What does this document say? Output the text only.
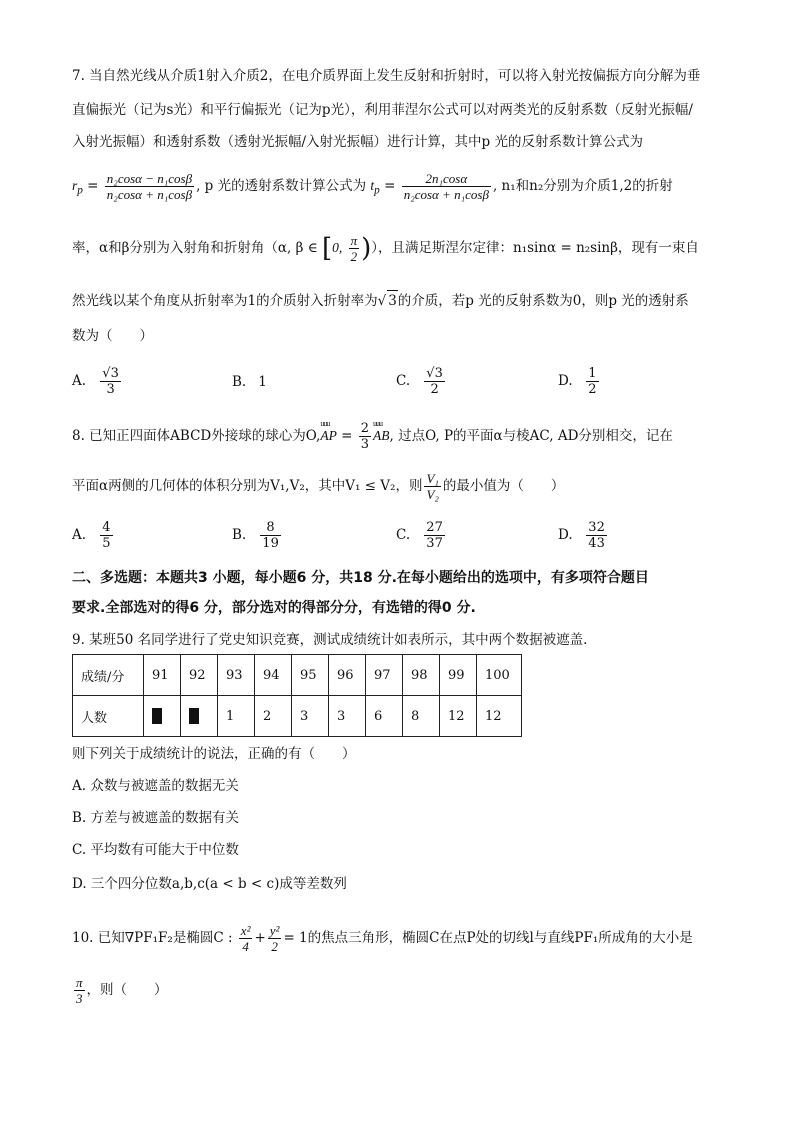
7. 当自然光线从介质1射入介质2，在电介质界面上发生反射和折射时，可以将入射光按偏振方向分解为垂
直偏振光（记为s光）和平行偏振光（记为p光），利用菲涅尔公式可以对两类光的反射系数（反射光振幅/
入射光振幅）和透射系数（透射光振幅/入射光振幅）进行计算，其中p 光的反射系数计算公式为
$r_p = \frac{\text{n₂cosα − n₁cosβ}}{\text{n₂cosα + n₁cosβ}}$ , p 光的透射系数计算公式为 $t_p = \frac{\text{2n₁cosα}}{\text{n₂cosα + n₁cosβ}}$ , n₁和n₂分别为介质1,2的折射
率，α和β分别为入射角和折射角（α, β ∈ [0, $\frac{\pi}{2}$ )），且满足斯涅尔定律：n₁sinα = n₂sinβ，现有一束自
然光线以某个角度从折射率为1的介质射入折射率为√ 3的介质，若p 光的反射系数为0，则p 光的透射系
数为（　　）
A. $\frac{√3}{3}$	B. 1	C. $\frac{√3}{2}$	D. $\frac{1}{2}$
8. 已知正四面体ABCD外接球的球心为O,uuu AP = $\frac{2}{3}$ uuu AB, 过点O, P的平面α与棱AC, AD分别相交，记在
平面α两侧的几何体的体积分别为V₁,V₂，其中V₁ ≤ V₂，则 $\frac{\text{V₁}}{\text{V₂}}$ 的最小值为（　　）
A. $\frac{4}{5}$	B. $\frac{8}{19}$	C. $\frac{27}{37}$	D. $\frac{32}{43}$
二、多选题：本题共3 小题，每小题6 分，共18 分.在每小题给出的选项中，有多项符合题目
要求.全部选对的得6 分，部分选对的得部分分，有选错的得0 分.
9. 某班50 名同学进行了党史知识竞赛，测试成绩统计如表所示，其中两个数据被遮盖.
成绩/分	91	92	93	94	95	96	97	98	99	100
人数			1	2	3	3	6	8	12	12
则下列关于成绩统计的说法，正确的有（　　）
A. 众数与被遮盖的数据无关
B. 方差与被遮盖的数据有关
C. 平均数有可能大于中位数
D. 三个四分位数a,b,c(a < b < c)成等差数列
10. 已知∇PF₁F₂是椭圆C : $\frac{\text{x²}}{4} + \frac{\text{y²}}{2} = 1$的焦点三角形，椭圆C在点P处的切线l与直线PF₁所成角的大小是
$\frac{\pi}{3}$ ，则（　　）
